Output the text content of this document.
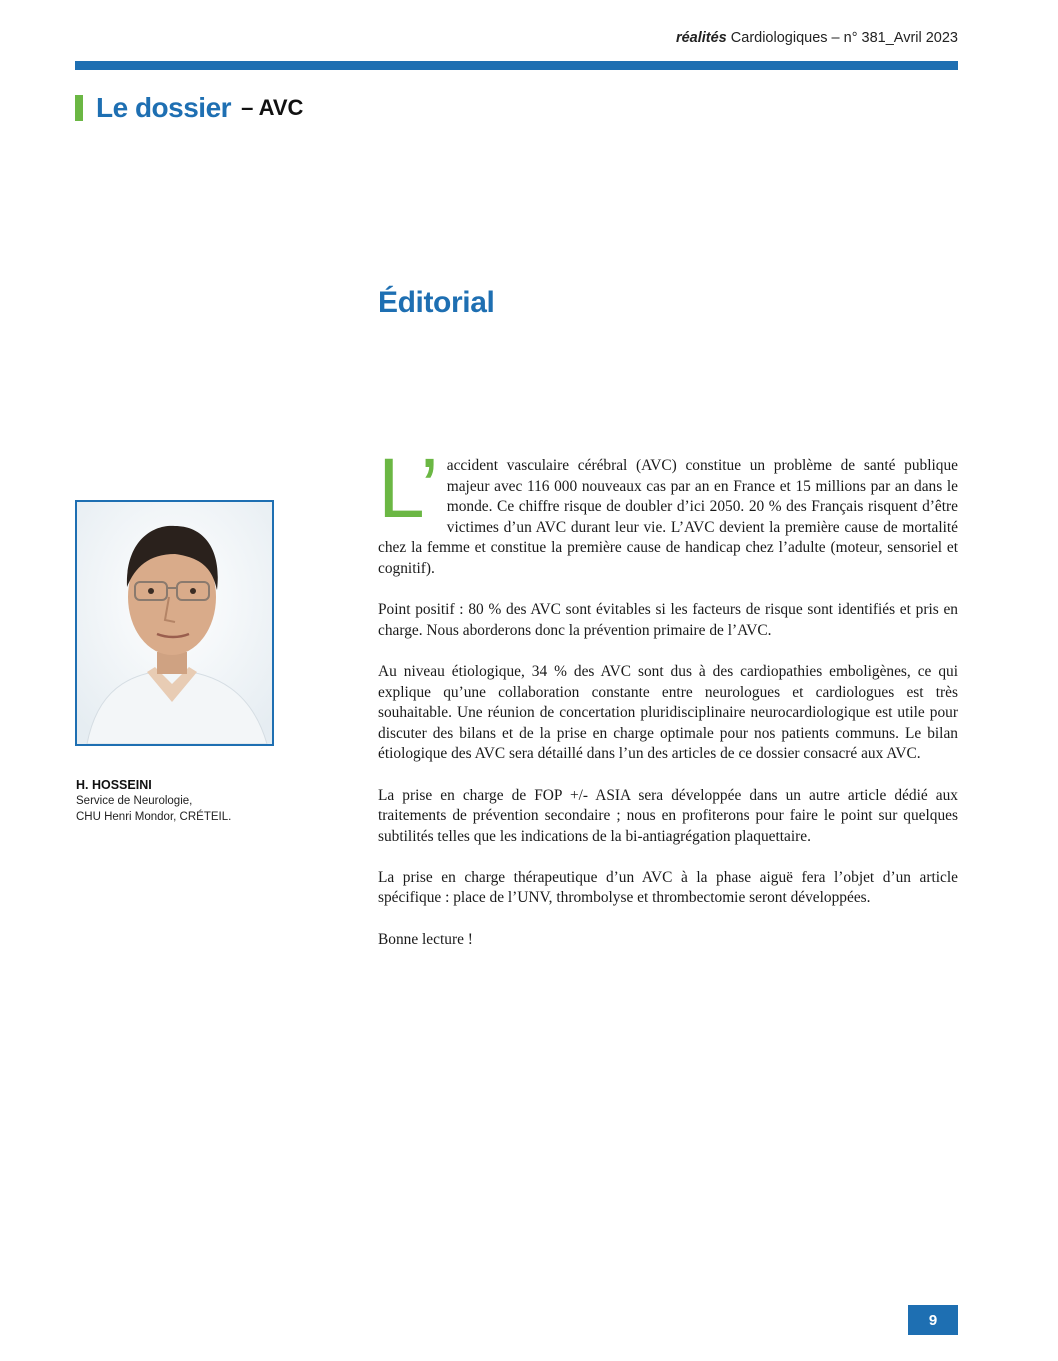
réalités Cardiologiques – n° 381_Avril 2023
Le dossier – AVC
Éditorial
H. HOSSEINI
Service de Neurologie,
CHU Henri Mondor, CRÉTEIL.

L’ accident vasculaire cérébral (AVC) constitue un problème de santé publique majeur avec 116 000 nouveaux cas par an en France et 15 millions par an dans le monde. Ce chiffre risque de doubler d’ici 2050. 20 % des Français risquent d’être victimes d’un AVC durant leur vie. L’AVC devient la première cause de mortalité chez la femme et constitue la première cause de handicap chez l’adulte (moteur, sensoriel et cognitif).

Point positif : 80 % des AVC sont évitables si les facteurs de risque sont identifiés et pris en charge. Nous aborderons donc la prévention primaire de l’AVC.

Au niveau étiologique, 34 % des AVC sont dus à des cardiopathies emboligènes, ce qui explique qu’une collaboration constante entre neurologues et cardiologues est très souhaitable. Une réunion de concertation pluridisciplinaire neurocardiologique est utile pour discuter des bilans et de la prise en charge optimale pour nos patients communs. Le bilan étiologique des AVC sera détaillé dans l’un des articles de ce dossier consacré aux AVC.

La prise en charge de FOP +/- ASIA sera développée dans un autre article dédié aux traitements de prévention secondaire ; nous en profiterons pour faire le point sur quelques subtilités telles que les indications de la bi-antiagrégation plaquettaire.

La prise en charge thérapeutique d’un AVC à la phase aiguë fera l’objet d’un article spécifique : place de l’UNV, thrombolyse et thrombectomie seront développées.

Bonne lecture !

9
